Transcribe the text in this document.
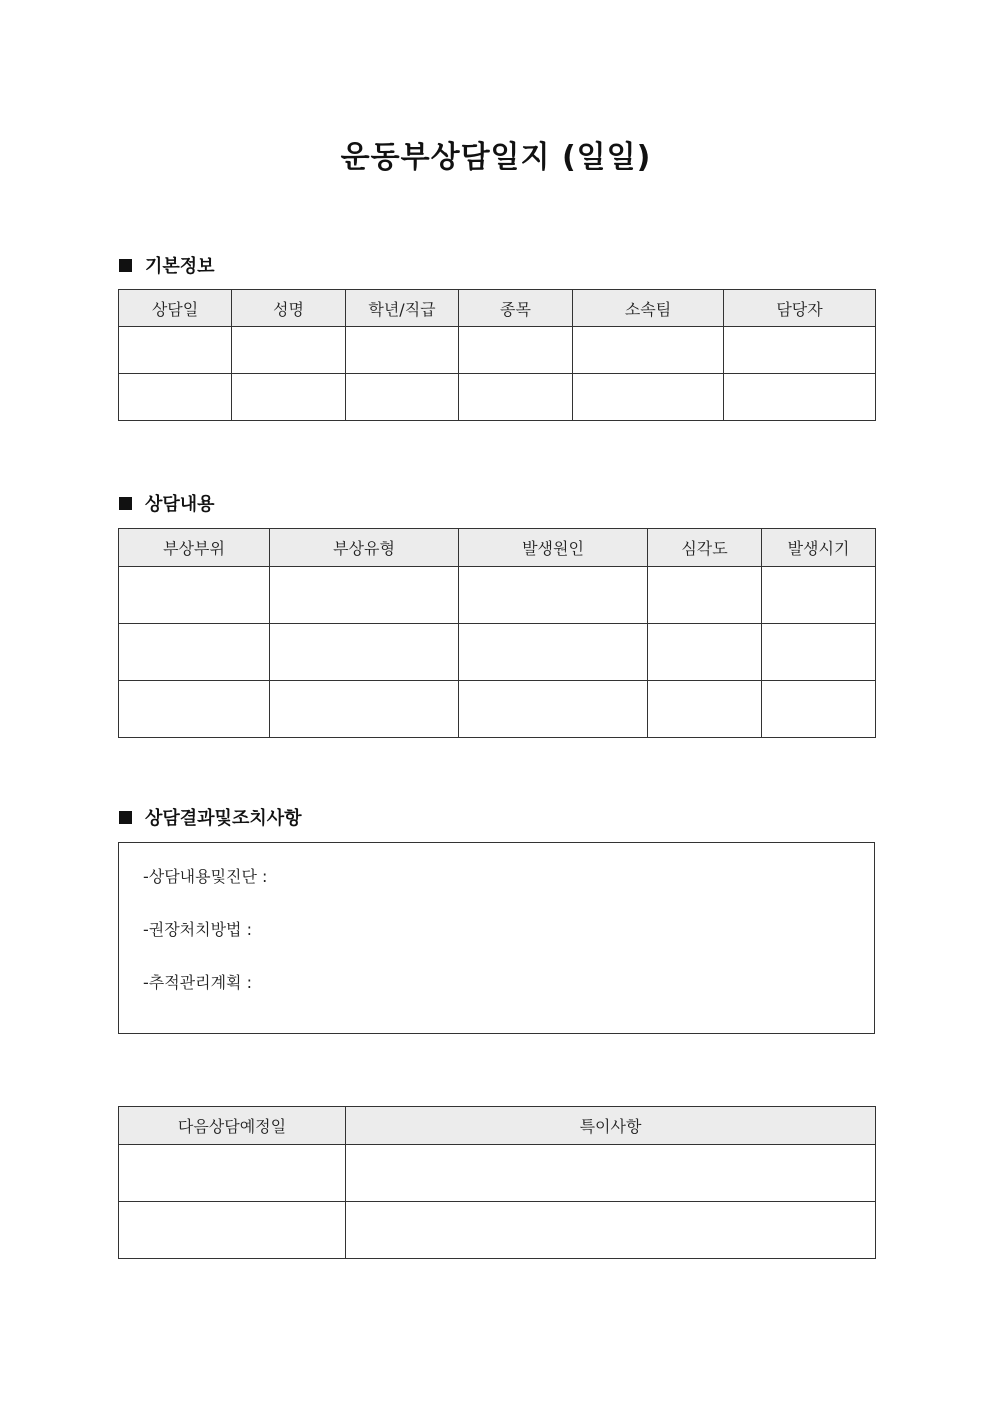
운동부상담일지 (일일)
기본정보
상담일	성명	학년/직급	종목	소속팀	담당자

상담내용
부상부위	부상유형	발생원인	심각도	발생시기

상담결과및조치사항
-상담내용및진단 :
-권장처치방법 :
-추적관리계획 :
다음상담예정일	특이사항
